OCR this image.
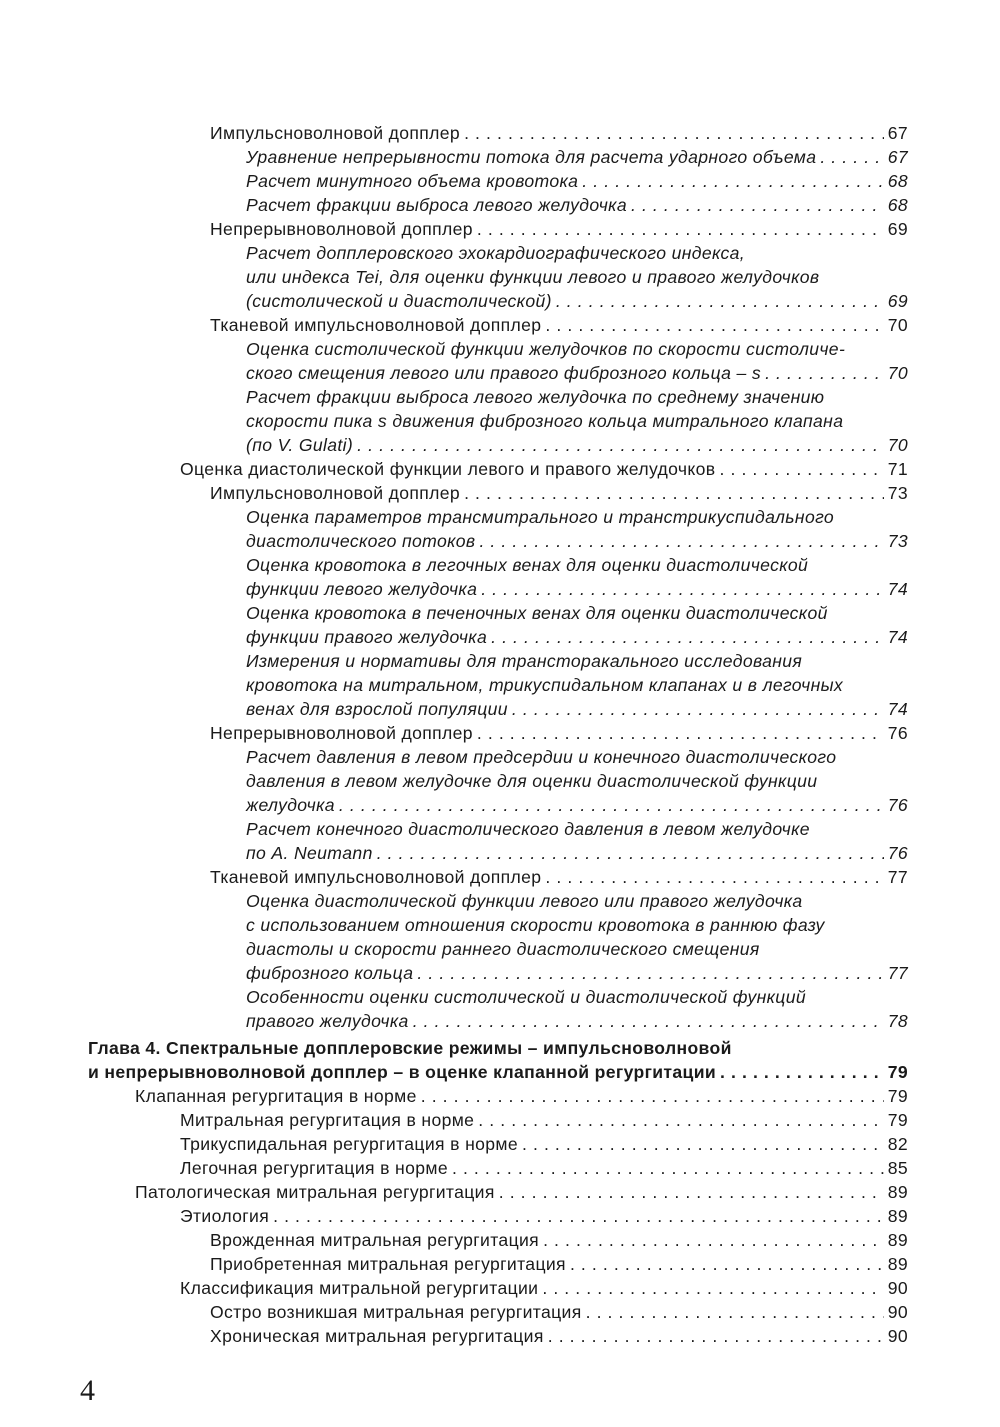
Импульсноволновой допплер . . .	67
Уравнение непрерывности потока для расчета ударного объема . . .	67
Расчет минутного объема кровотока . . .	68
Расчет фракции выброса левого желудочка . . .	68
Непрерывноволновой допплер . . .	69
Расчет допплеровского эхокардиографического индекса,
или индекса Tei, для оценки функции левого и правого желудочков
(систолической и диастолической) . . .	69
Тканевой импульсноволновой допплер . . .	70
Оценка систолической функции желудочков по скорости систоличе-
ского смещения левого или правого фиброзного кольца – s . . .	70
Расчет фракции выброса левого желудочка по среднему значению
скорости пика s движения фиброзного кольца митрального клапана
(по V. Gulati) . . .	70
Оценка диастолической функции левого и правого желудочков . . .	71
Импульсноволновой допплер . . .	73
Оценка параметров трансмитрального и транстрикуспидального
диастолического потоков . . .	73
Оценка кровотока в легочных венах для оценки диастолической
функции левого желудочка . . .	74
Оценка кровотока в печеночных венах для оценки диастолической
функции правого желудочка . . .	74
Измерения и нормативы для трансторакального исследования
кровотока на митральном, трикуспидальном клапанах и в легочных
венах для взрослой популяции . . .	74
Непрерывноволновой допплер . . .	76
Расчет давления в левом предсердии и конечного диастолического
давления в левом желудочке для оценки диастолической функции
желудочка . . .	76
Расчет конечного диастолического давления в левом желудочке
по A. Neumann . . .	76
Тканевой импульсноволновой допплер . . .	77
Оценка диастолической функции левого или правого желудочка
с использованием отношения скорости кровотока в раннюю фазу
диастолы и скорости раннего диастолического смещения
фиброзного кольца . . .	77
Особенности оценки систолической и диастолической функций
правого желудочка . . .	78
Глава 4. Спектральные допплеровские режимы – импульсноволновой
и непрерывноволновой допплер – в оценке клапанной регургитации . . .	79
Клапанная регургитация в норме . . .	79
Митральная регургитация в норме . . .	79
Трикуспидальная регургитация в норме . . .	82
Легочная регургитация в норме . . .	85
Патологическая митральная регургитация . . .	89
Этиология . . .	89
Врожденная митральная регургитация . . .	89
Приобретенная митральная регургитация . . .	89
Классификация митральной регургитации . . .	90
Остро возникшая митральная регургитация . . .	90
Хроническая митральная регургитация . . .	90
4
